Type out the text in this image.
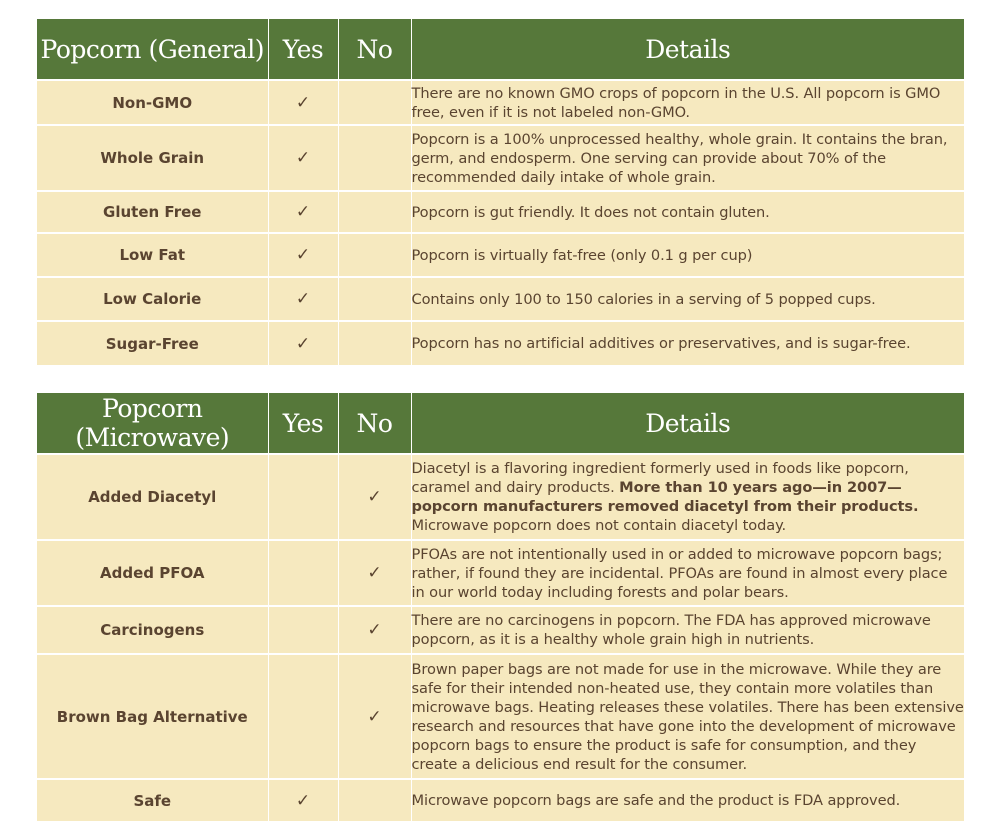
Popcorn (General)	Yes	No	Details
Non-GMO	✓		There are no known GMO crops of popcorn in the U.S. All popcorn is GMO free, even if it is not labeled non-GMO.
Whole Grain	✓		Popcorn is a 100% unprocessed healthy, whole grain. It contains the bran, germ, and endosperm. One serving can provide about 70% of the recommended daily intake of whole grain.
Gluten Free	✓		Popcorn is gut friendly. It does not contain gluten.
Low Fat	✓		Popcorn is virtually fat-free (only 0.1 g per cup)
Low Calorie	✓		Contains only 100 to 150 calories in a serving of 5 popped cups.
Sugar-Free	✓		Popcorn has no artificial additives or preservatives, and is sugar-free.
Popcorn (Microwave)	Yes	No	Details
Added Diacetyl		✓	Diacetyl is a flavoring ingredient formerly used in foods like popcorn, caramel and dairy products. More than 10 years ago—in 2007—popcorn manufacturers removed diacetyl from their products. Microwave popcorn does not contain diacetyl today.
Added PFOA		✓	PFOAs are not intentionally used in or added to microwave popcorn bags; rather, if found they are incidental. PFOAs are found in almost every place in our world today including forests and polar bears.
Carcinogens		✓	There are no carcinogens in popcorn. The FDA has approved microwave popcorn, as it is a healthy whole grain high in nutrients.
Brown Bag Alternative		✓	Brown paper bags are not made for use in the microwave. While they are safe for their intended non-heated use, they contain more volatiles than microwave bags. Heating releases these volatiles. There has been extensive research and resources that have gone into the development of microwave popcorn bags to ensure the product is safe for consumption, and they create a delicious end result for the consumer.
Safe	✓		Microwave popcorn bags are safe and the product is FDA approved.
